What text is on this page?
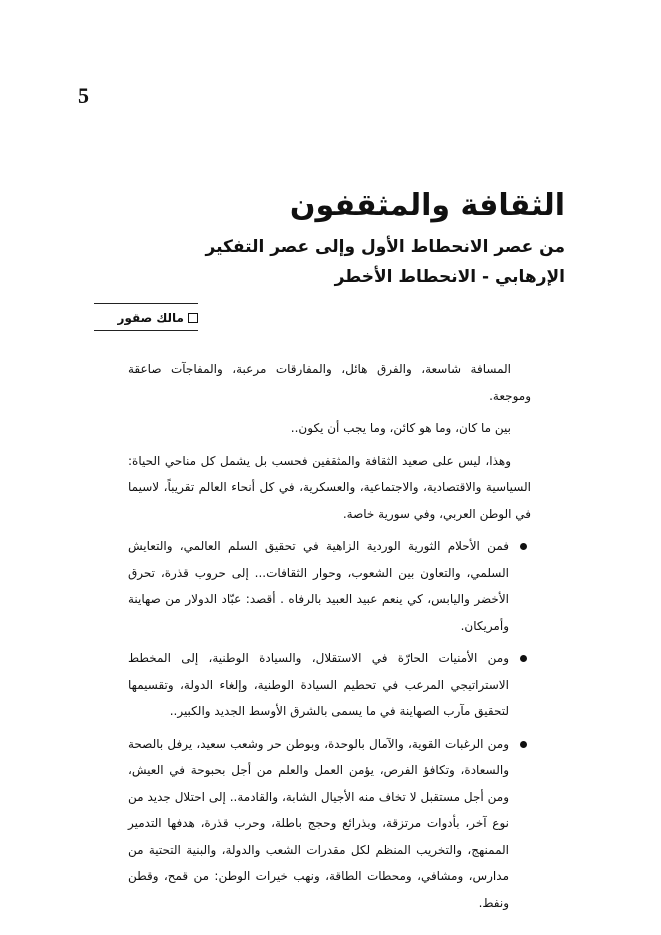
5
الثقافة والمثقفون
من عصر الانحطاط الأول وإلى عصر التفكير
الإرهابي - الانحطاط الأخطر
مالك صقور

المسافة شاسعة، والفرق هائل، والمفارقات مرعبة، والمفاجآت صاعقة وموجعة.

بين ما كان، وما هو كائن، وما يجب أن يكون..

وهذا، ليس على صعيد الثقافة والمثقفين فحسب بل يشمل كل مناحي الحياة: السياسية والاقتصادية، والاجتماعية، والعسكرية، في كل أنحاء العالم تقريباً، لاسيما في الوطن العربي، وفي سورية خاصة.

فمن الأحلام الثورية الوردية الزاهية في تحقيق السلم العالمي، والتعايش السلمي، والتعاون بين الشعوب، وحوار الثقافات... إلى حروب قذرة، تحرق الأخضر واليابس، كي ينعم عبيد العبيد بالرفاه . أقصد: عبّاد الدولار من صهاينة وأمريكان.

ومن الأمنيات الحارّة في الاستقلال، والسيادة الوطنية، إلى المخطط الاستراتيجي المرعب في تحطيم السيادة الوطنية، وإلغاء الدولة، وتقسيمها لتحقيق مآرب الصهاينة في ما يسمى بالشرق الأوسط الجديد والكبير..

ومن الرغبات القوية، والآمال بالوحدة، وبوطن حر وشعب سعيد، يرفل بالصحة والسعادة، وتكافؤ الفرص، يؤمن العمل والعلم من أجل بحبوحة في العيش، ومن أجل مستقبل لا تخاف منه الأجيال الشابة، والقادمة.. إلى احتلال جديد من نوع آخر، بأدوات مرتزقة، وبذرائع وحجج باطلة، وحرب قذرة، هدفها التدمير الممنهج، والتخريب المنظم لكل مقدرات الشعب والدولة، والبنية التحتية من مدارس، ومشافي، ومحطات الطاقة، ونهب خيرات الوطن: من قمح، وقطن ونفط.
